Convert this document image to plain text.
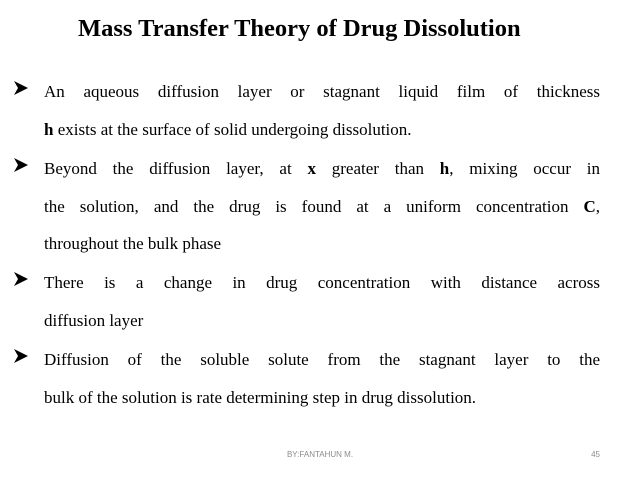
Mass Transfer Theory of Drug Dissolution

An aqueous diffusion layer or stagnant liquid film of thickness
h exists at the surface of solid undergoing dissolution.

Beyond the diffusion layer, at x greater than h, mixing occur in
the solution, and the drug is found at a uniform concentration C,
throughout the bulk phase

There is a change in drug concentration with distance across
diffusion layer

Diffusion of the soluble solute from the stagnant layer to the
bulk of the solution is rate determining step in drug dissolution.

BY:FANTAHUN M.	45
